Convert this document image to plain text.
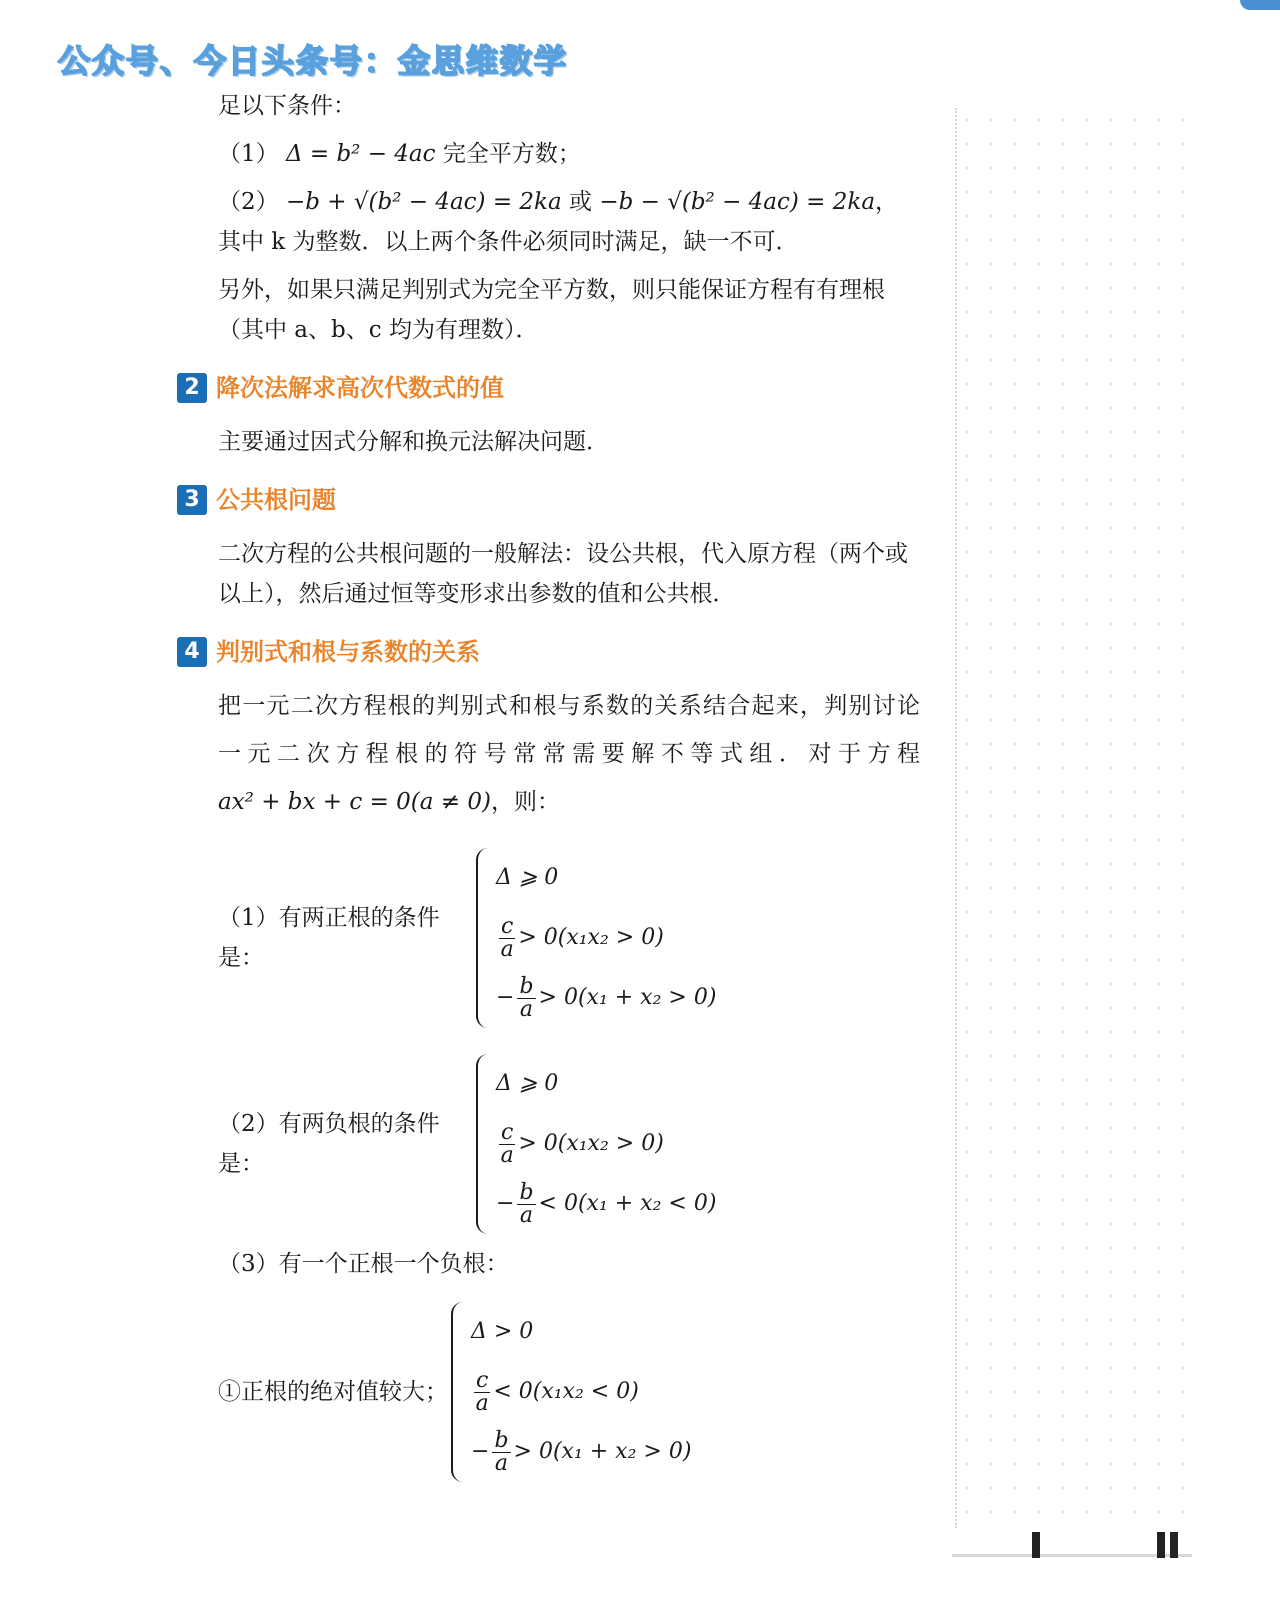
公众号、今日头条号：金思维数学

足以下条件：

（1） Δ = b² − 4ac 完全平方数；

（2） −b + √(b² − 4ac) = 2ka 或 −b − √(b² − 4ac) = 2ka，其中 k 为整数．以上两个条件必须同时满足，缺一不可．

另外，如果只满足判别式为完全平方数，则只能保证方程有有理根（其中 a、b、c 均为有理数）．

2 降次法解求高次代数式的值

主要通过因式分解和换元法解决问题．

3 公共根问题

二次方程的公共根问题的一般解法：设公共根，代入原方程（两个或以上），然后通过恒等变形求出参数的值和公共根．

4 判别式和根与系数的关系
把一元二次方程根的判别式和根与系数的关系结合起来，判别讨论
一元二次方程根的符号常常需要解不等式组．对于方程

ax² + bx + c = 0(a ≠ 0)，则：

（1）有两正根的条件是：
Δ ⩾ 0
$\frac{c}{a} > 0(x_1x_2 > 0)$
− $\frac{b}{a} > 0(x_1 + x_2 > 0)$
（2）有两负根的条件是：
Δ ⩾ 0
$\frac{c}{a} > 0(x_1x_2 > 0)$
− $\frac{b}{a} < 0(x_1 + x_2 < 0)$

（3）有一个正根一个负根：

①正根的绝对值较大；
Δ > 0
$\frac{c}{a} < 0(x_1x_2 < 0)$
− $\frac{b}{a} > 0(x_1 + x_2 > 0)$
